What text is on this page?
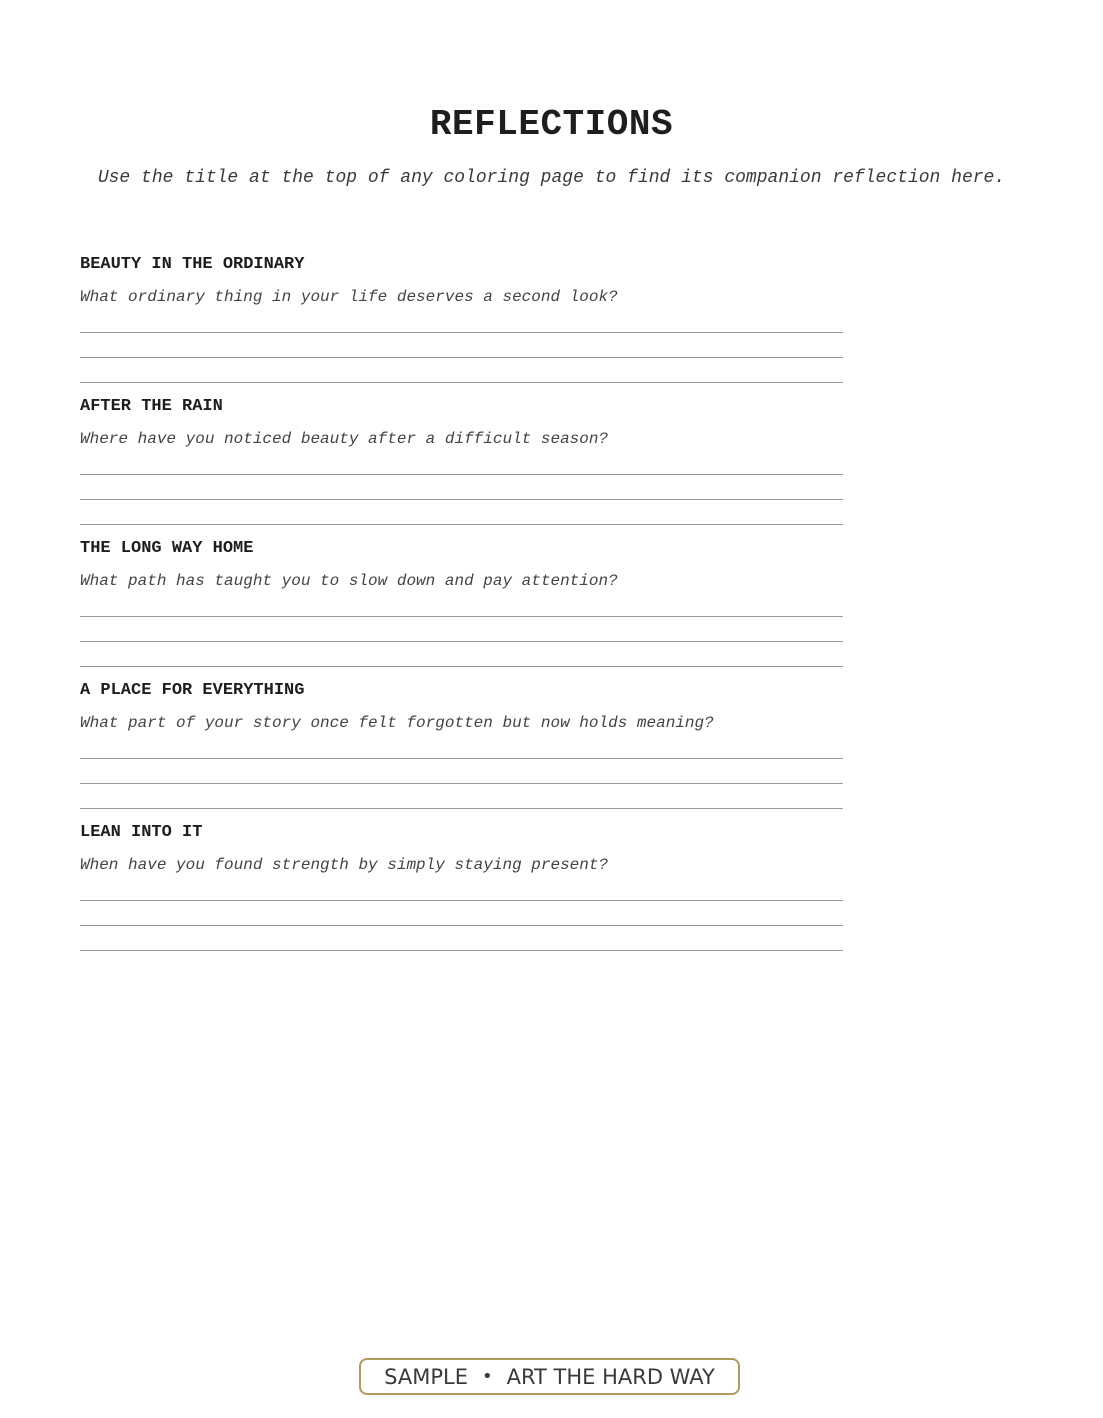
REFLECTIONS
Use the title at the top of any coloring page to find its companion reflection here.
BEAUTY IN THE ORDINARY
What ordinary thing in your life deserves a second look?
AFTER THE RAIN
Where have you noticed beauty after a difficult season?
THE LONG WAY HOME
What path has taught you to slow down and pay attention?
A PLACE FOR EVERYTHING
What part of your story once felt forgotten but now holds meaning?
LEAN INTO IT
When have you found strength by simply staying present?
SAMPLE • ART THE HARD WAY
